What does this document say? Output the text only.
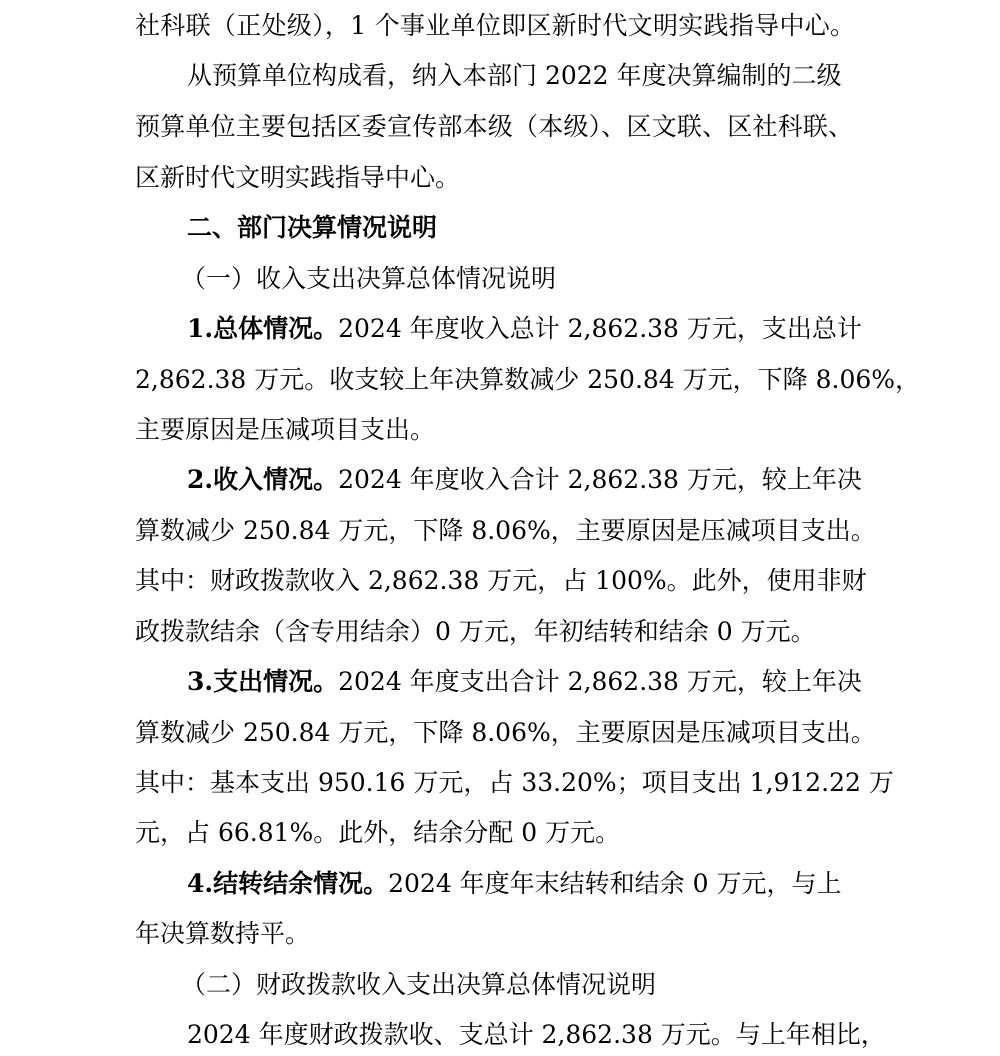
社科联（正处级），1 个事业单位即区新时代文明实践指导中心。
从预算单位构成看，纳入本部门 2022 年度决算编制的二级
预算单位主要包括区委宣传部本级（本级）、区文联、区社科联、
区新时代文明实践指导中心。
二、部门决算情况说明
（一）收入支出决算总体情况说明
1.总体情况。2024 年度收入总计 2,862.38 万元，支出总计
2,862.38 万元。收支较上年决算数减少 250.84 万元，下降 8.06%，
主要原因是压减项目支出。
2.收入情况。2024 年度收入合计 2,862.38 万元，较上年决
算数减少 250.84 万元，下降 8.06%，主要原因是压减项目支出。
其中：财政拨款收入 2,862.38 万元，占 100%。此外，使用非财
政拨款结余（含专用结余）0 万元，年初结转和结余 0 万元。
3.支出情况。2024 年度支出合计 2,862.38 万元，较上年决
算数减少 250.84 万元，下降 8.06%，主要原因是压减项目支出。
其中：基本支出 950.16 万元，占 33.20%；项目支出 1,912.22 万
元，占 66.81%。此外，结余分配 0 万元。
4.结转结余情况。2024 年度年末结转和结余 0 万元，与上
年决算数持平。
（二）财政拨款收入支出决算总体情况说明
2024 年度财政拨款收、支总计 2,862.38 万元。与上年相比，
